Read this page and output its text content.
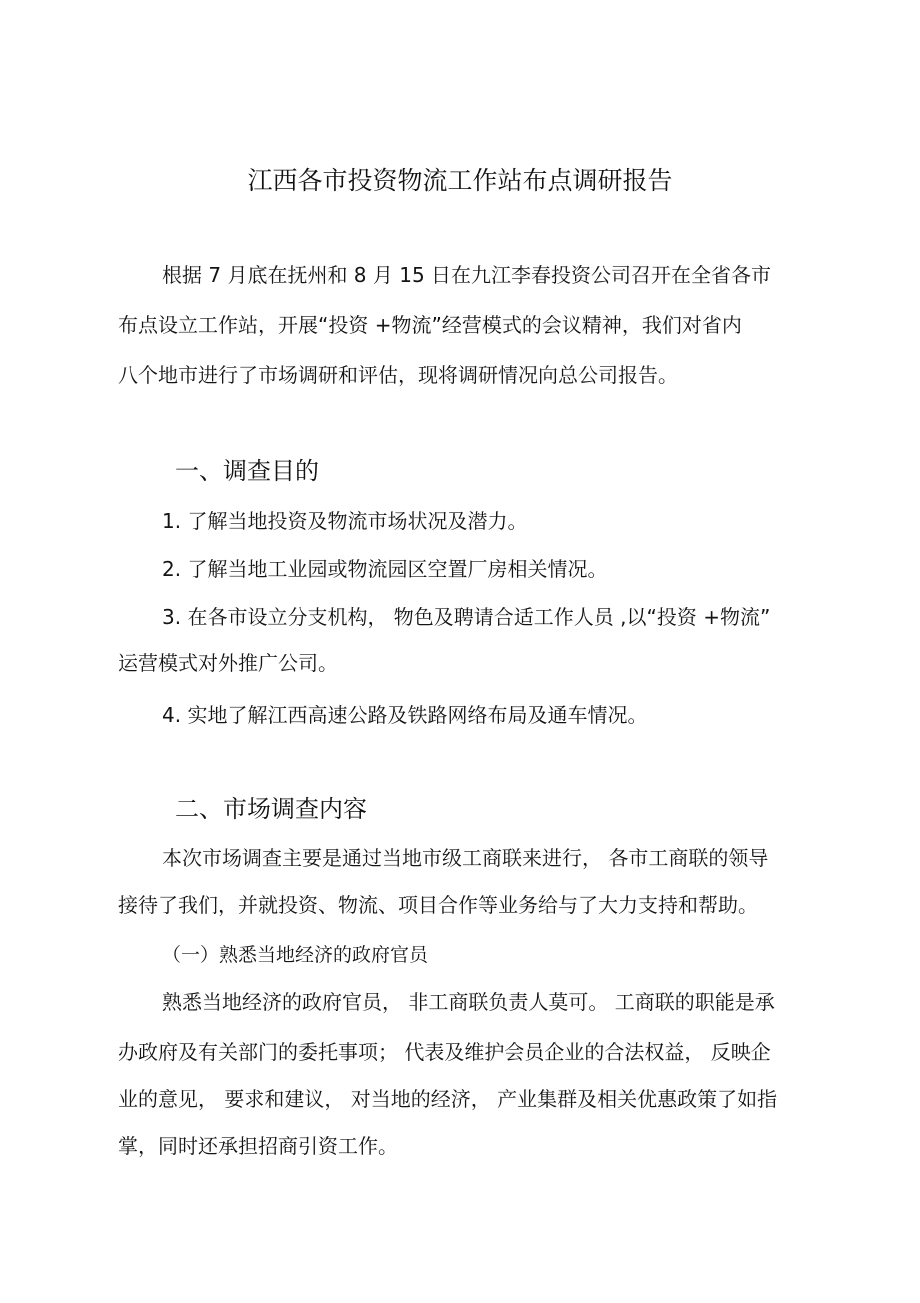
江西各市投资物流工作站布点调研报告
根据 7 月底在抚州和 8 月 15 日在九江李春投资公司召开在全省各市
布点设立工作站，开展“投资 +物流”经营模式的会议精神，我们对省内
八个地市进行了市场调研和评估，现将调研情况向总公司报告。
一、调查目的
1. 了解当地投资及物流市场状况及潜力。
2. 了解当地工业园或物流园区空置厂房相关情况。
3. 在各市设立分支机构， 物色及聘请合适工作人员 ,以“投资 +物流”
运营模式对外推广公司。
4. 实地了解江西高速公路及铁路网络布局及通车情况。
二、市场调查内容
本次市场调查主要是通过当地市级工商联来进行， 各市工商联的领导
接待了我们，并就投资、物流、项目合作等业务给与了大力支持和帮助。
（一）熟悉当地经济的政府官员
熟悉当地经济的政府官员， 非工商联负责人莫可。 工商联的职能是承
办政府及有关部门的委托事项； 代表及维护会员企业的合法权益， 反映企
业的意见， 要求和建议， 对当地的经济， 产业集群及相关优惠政策了如指
掌，同时还承担招商引资工作。
